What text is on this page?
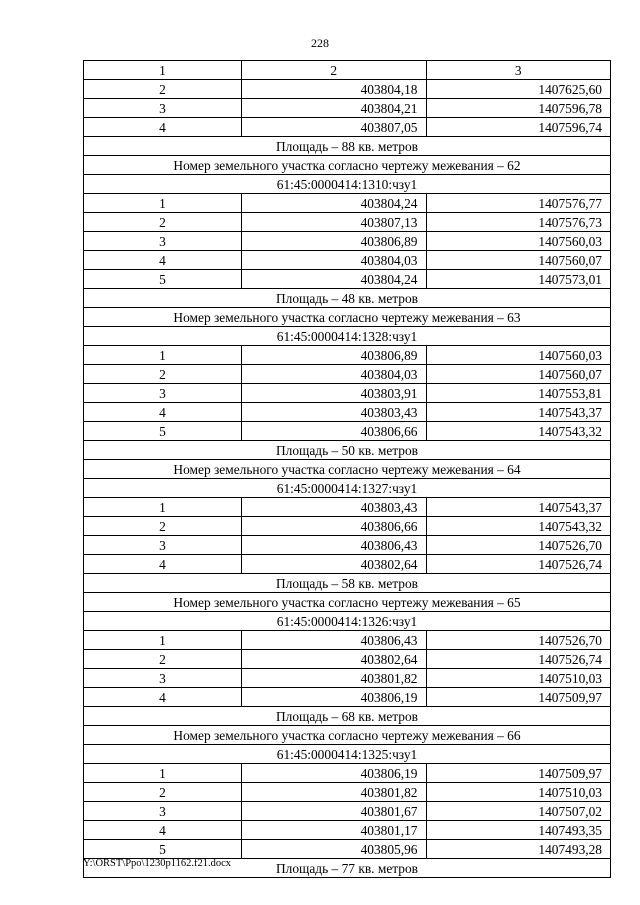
228
1	2	3
2	403804,18	1407625,60
3	403804,21	1407596,78
4	403807,05	1407596,74
Площадь – 88 кв. метров		
Номер земельного участка согласно чертежу межевания – 62		
61:45:0000414:1310:чзу1		
1	403804,24	1407576,77
2	403807,13	1407576,73
3	403806,89	1407560,03
4	403804,03	1407560,07
5	403804,24	1407573,01
Площадь – 48 кв. метров		
Номер земельного участка согласно чертежу межевания – 63		
61:45:0000414:1328:чзу1		
1	403806,89	1407560,03
2	403804,03	1407560,07
3	403803,91	1407553,81
4	403803,43	1407543,37
5	403806,66	1407543,32
Площадь – 50 кв. метров		
Номер земельного участка согласно чертежу межевания – 64		
61:45:0000414:1327:чзу1		
1	403803,43	1407543,37
2	403806,66	1407543,32
3	403806,43	1407526,70
4	403802,64	1407526,74
Площадь – 58 кв. метров		
Номер земельного участка согласно чертежу межевания – 65		
61:45:0000414:1326:чзу1		
1	403806,43	1407526,70
2	403802,64	1407526,74
3	403801,82	1407510,03
4	403806,19	1407509,97
Площадь – 68 кв. метров		
Номер земельного участка согласно чертежу межевания – 66		
61:45:0000414:1325:чзу1		
1	403806,19	1407509,97
2	403801,82	1407510,03
3	403801,67	1407507,02
4	403801,17	1407493,35
5	403805,96	1407493,28
Площадь – 77 кв. метров		
Y:\ORST\Ppo\1230p1162.f21.docx
